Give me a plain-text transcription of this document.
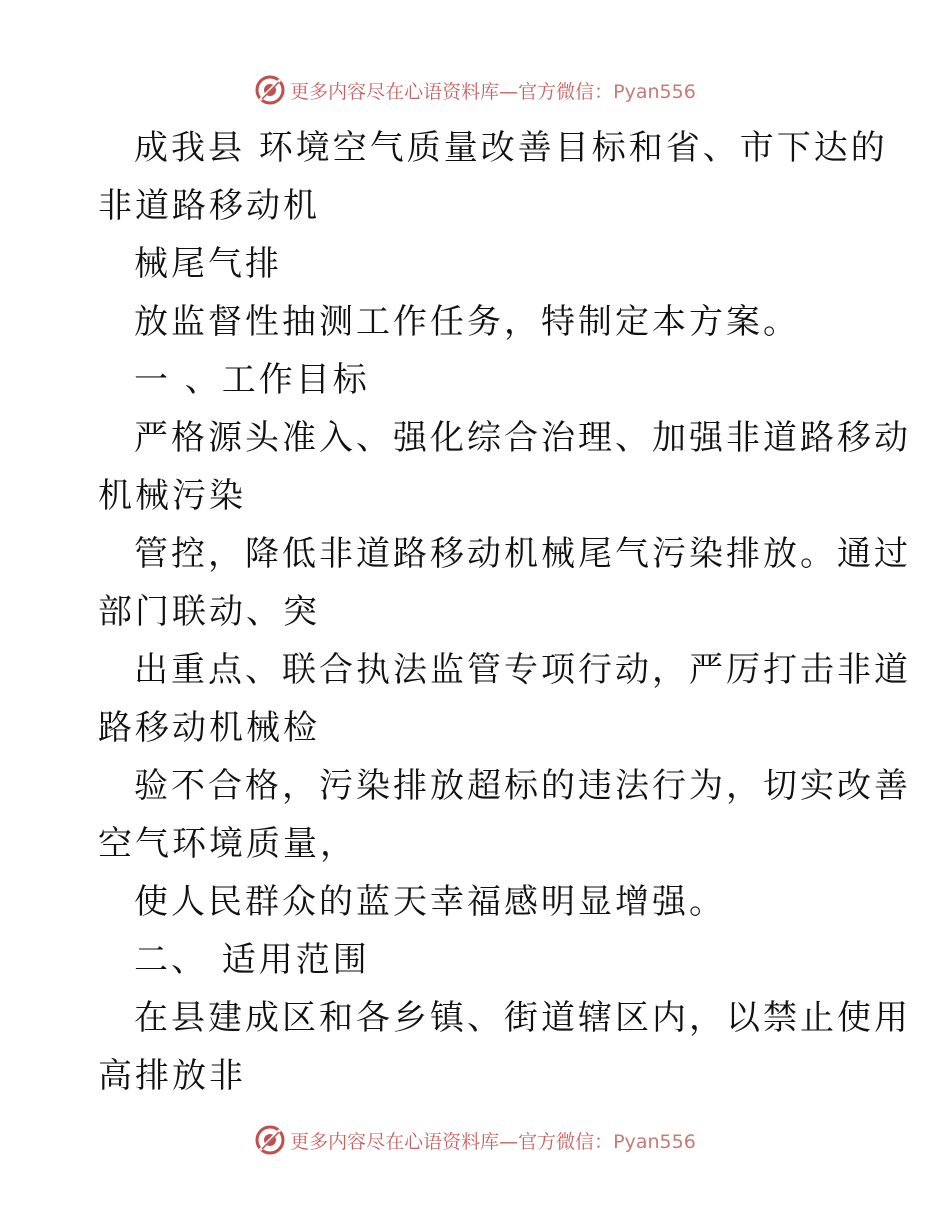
更多内容尽在心语资料库—官方微信：Pyan556
成我县 环境空气质量改善目标和省、市下达的
非道路移动机
械尾气排
放监督性抽测工作任务，特制定本方案。
一 、工作目标
严格源头准入、强化综合治理、加强非道路移动
机械污染
管控，降低非道路移动机械尾气污染排放。通过
部门联动、突
出重点、联合执法监管专项行动，严厉打击非道
路移动机械检
验不合格，污染排放超标的违法行为，切实改善
空气环境质量，
使人民群众的蓝天幸福感明显增强。
二、 适用范围
在县建成区和各乡镇、街道辖区内，以禁止使用
高排放非
更多内容尽在心语资料库—官方微信：Pyan556
